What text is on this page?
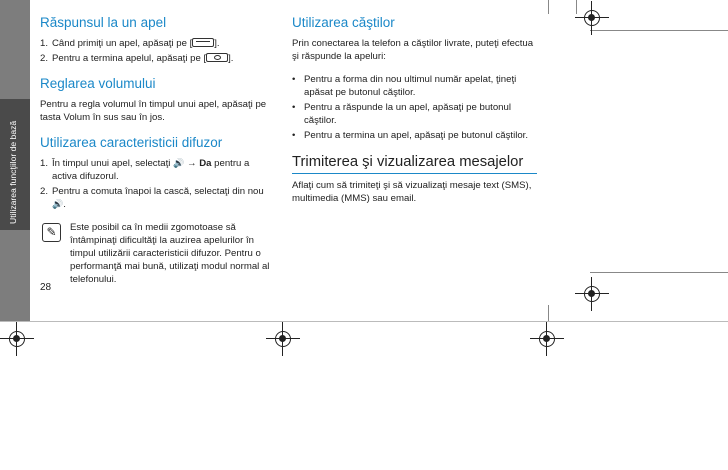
Utilizarea funcţiilor de bază
Răspunsul la un apel
1. Când primiţi un apel, apăsaţi pe [ ].
2. Pentru a termina apelul, apăsaţi pe [ ].
Reglarea volumului

Pentru a regla volumul în timpul unui apel, apăsaţi pe tasta Volum în sus sau în jos.

Utilizarea caracteristicii difuzor
1. În timpul unui apel, selectaţi 🔊 → Da pentru a activa difuzorul.
2. Pentru a comuta înapoi la cască, selectaţi din nou 🔊.
✎	Este posibil ca în medii zgomotoase să întâmpinaţi dificultăţi la auzirea apelurilor în timpul utilizării caracteristicii difuzor. Pentru o performanţă mai bună, utilizaţi modul normal al telefonului.
28
Utilizarea căştilor

Prin conectarea la telefon a căştilor livrate, puteţi efectua şi răspunde la apeluri:

• Pentru a forma din nou ultimul număr apelat, ţineţi apăsat pe butonul căştilor.
• Pentru a răspunde la un apel, apăsaţi pe butonul căştilor.
• Pentru a termina un apel, apăsaţi pe butonul căştilor.
Trimiterea şi vizualizarea mesajelor

Aflaţi cum să trimiteţi şi să vizualizaţi mesaje text (SMS), multimedia (MMS) sau email.
